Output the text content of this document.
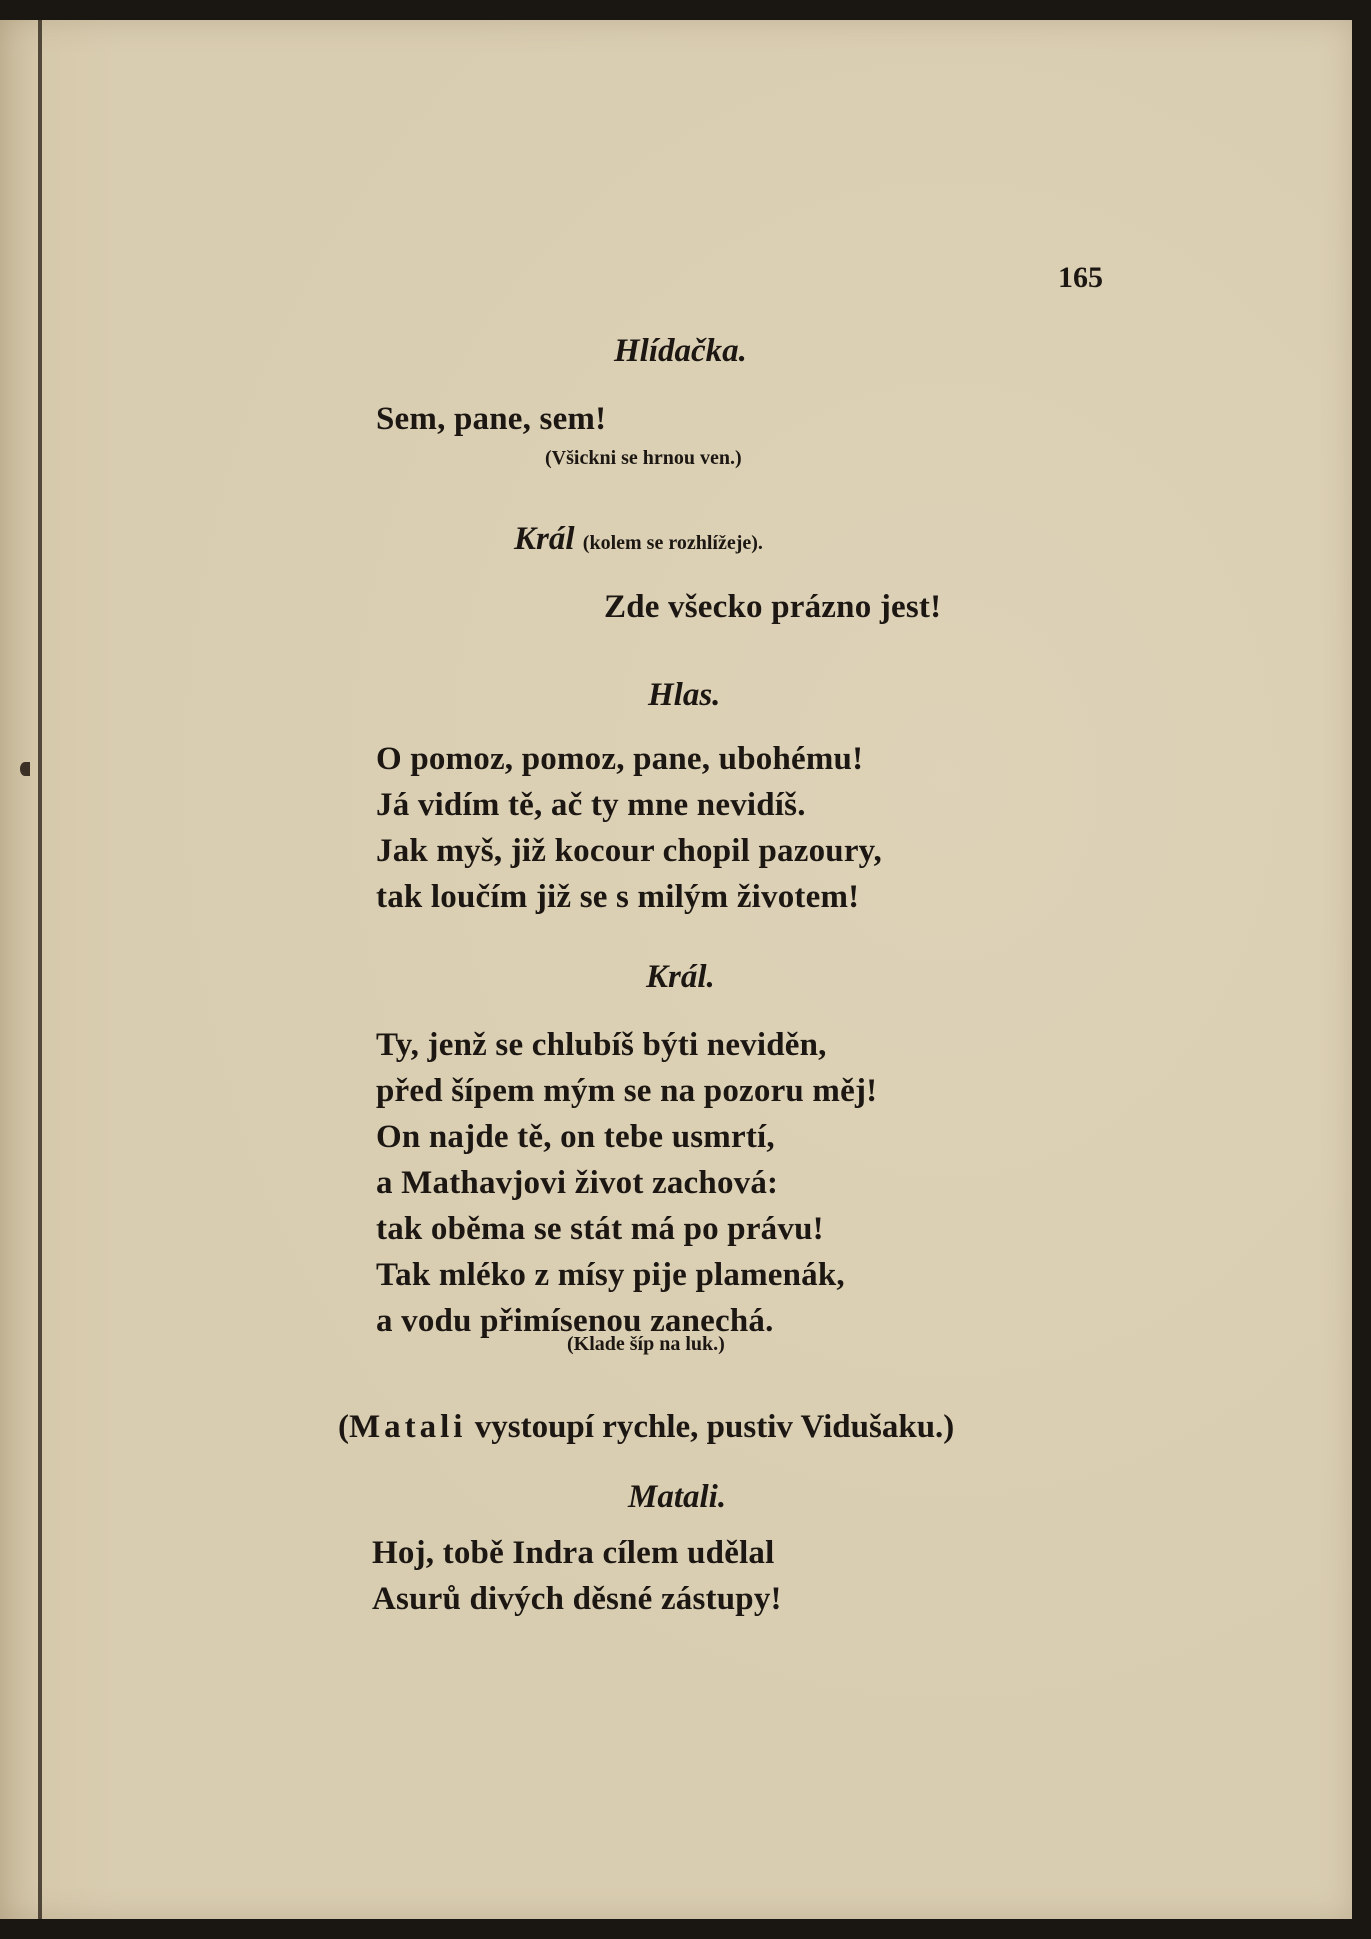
165
Hlídačka.
Sem, pane, sem!
(Všickni se hrnou ven.)
Král (kolem se rozhlížeje).
Zde všecko prázno jest!
Hlas.
O pomoz, pomoz, pane, ubohému!
Já vidím tě, ač ty mne nevidíš.
Jak myš, již kocour chopil pazoury,
tak loučím již se s milým životem!
Král.
Ty, jenž se chlubíš býti neviděn,
před šípem mým se na pozoru měj!
On najde tě, on tebe usmrtí,
a Mathavjovi život zachová:
tak oběma se stát má po právu!
Tak mléko z mísy pije plamenák,
a vodu přimísenou zanechá.
(Klade šíp na luk.)
(Matali vystoupí rychle, pustiv Vidušaku.)
Matali.
Hoj, tobě Indra cílem udělal
Asurů divých děsné zástupy!
